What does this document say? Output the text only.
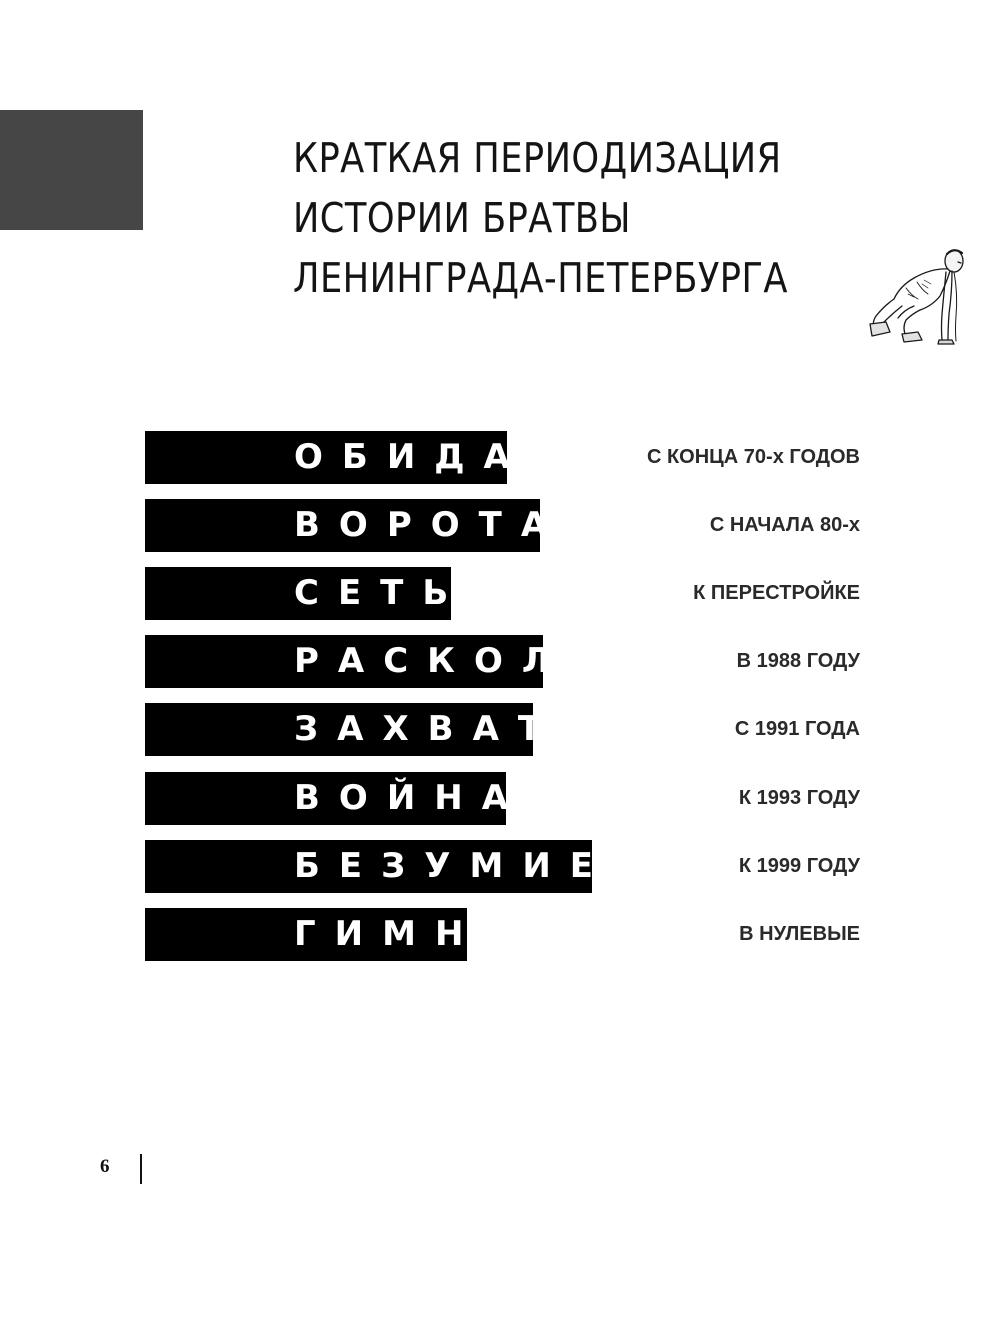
КРАТКАЯ ПЕРИОДИЗАЦИЯ
ИСТОРИИ БРАТВЫ
ЛЕНИНГРАДА-ПЕТЕРБУРГА
ОБИДА	С КОНЦА 70-х ГОДОВ
ВОРОТА	С НАЧАЛА 80-х
СЕТЬ	К ПЕРЕСТРОЙКЕ
РАСКОЛ	В 1988 ГОДУ
ЗАХВАТ	С 1991 ГОДА
ВОЙНА	К 1993 ГОДУ
БЕЗУМИЕ	К 1999 ГОДУ
ГИМН	В НУЛЕВЫЕ
6
